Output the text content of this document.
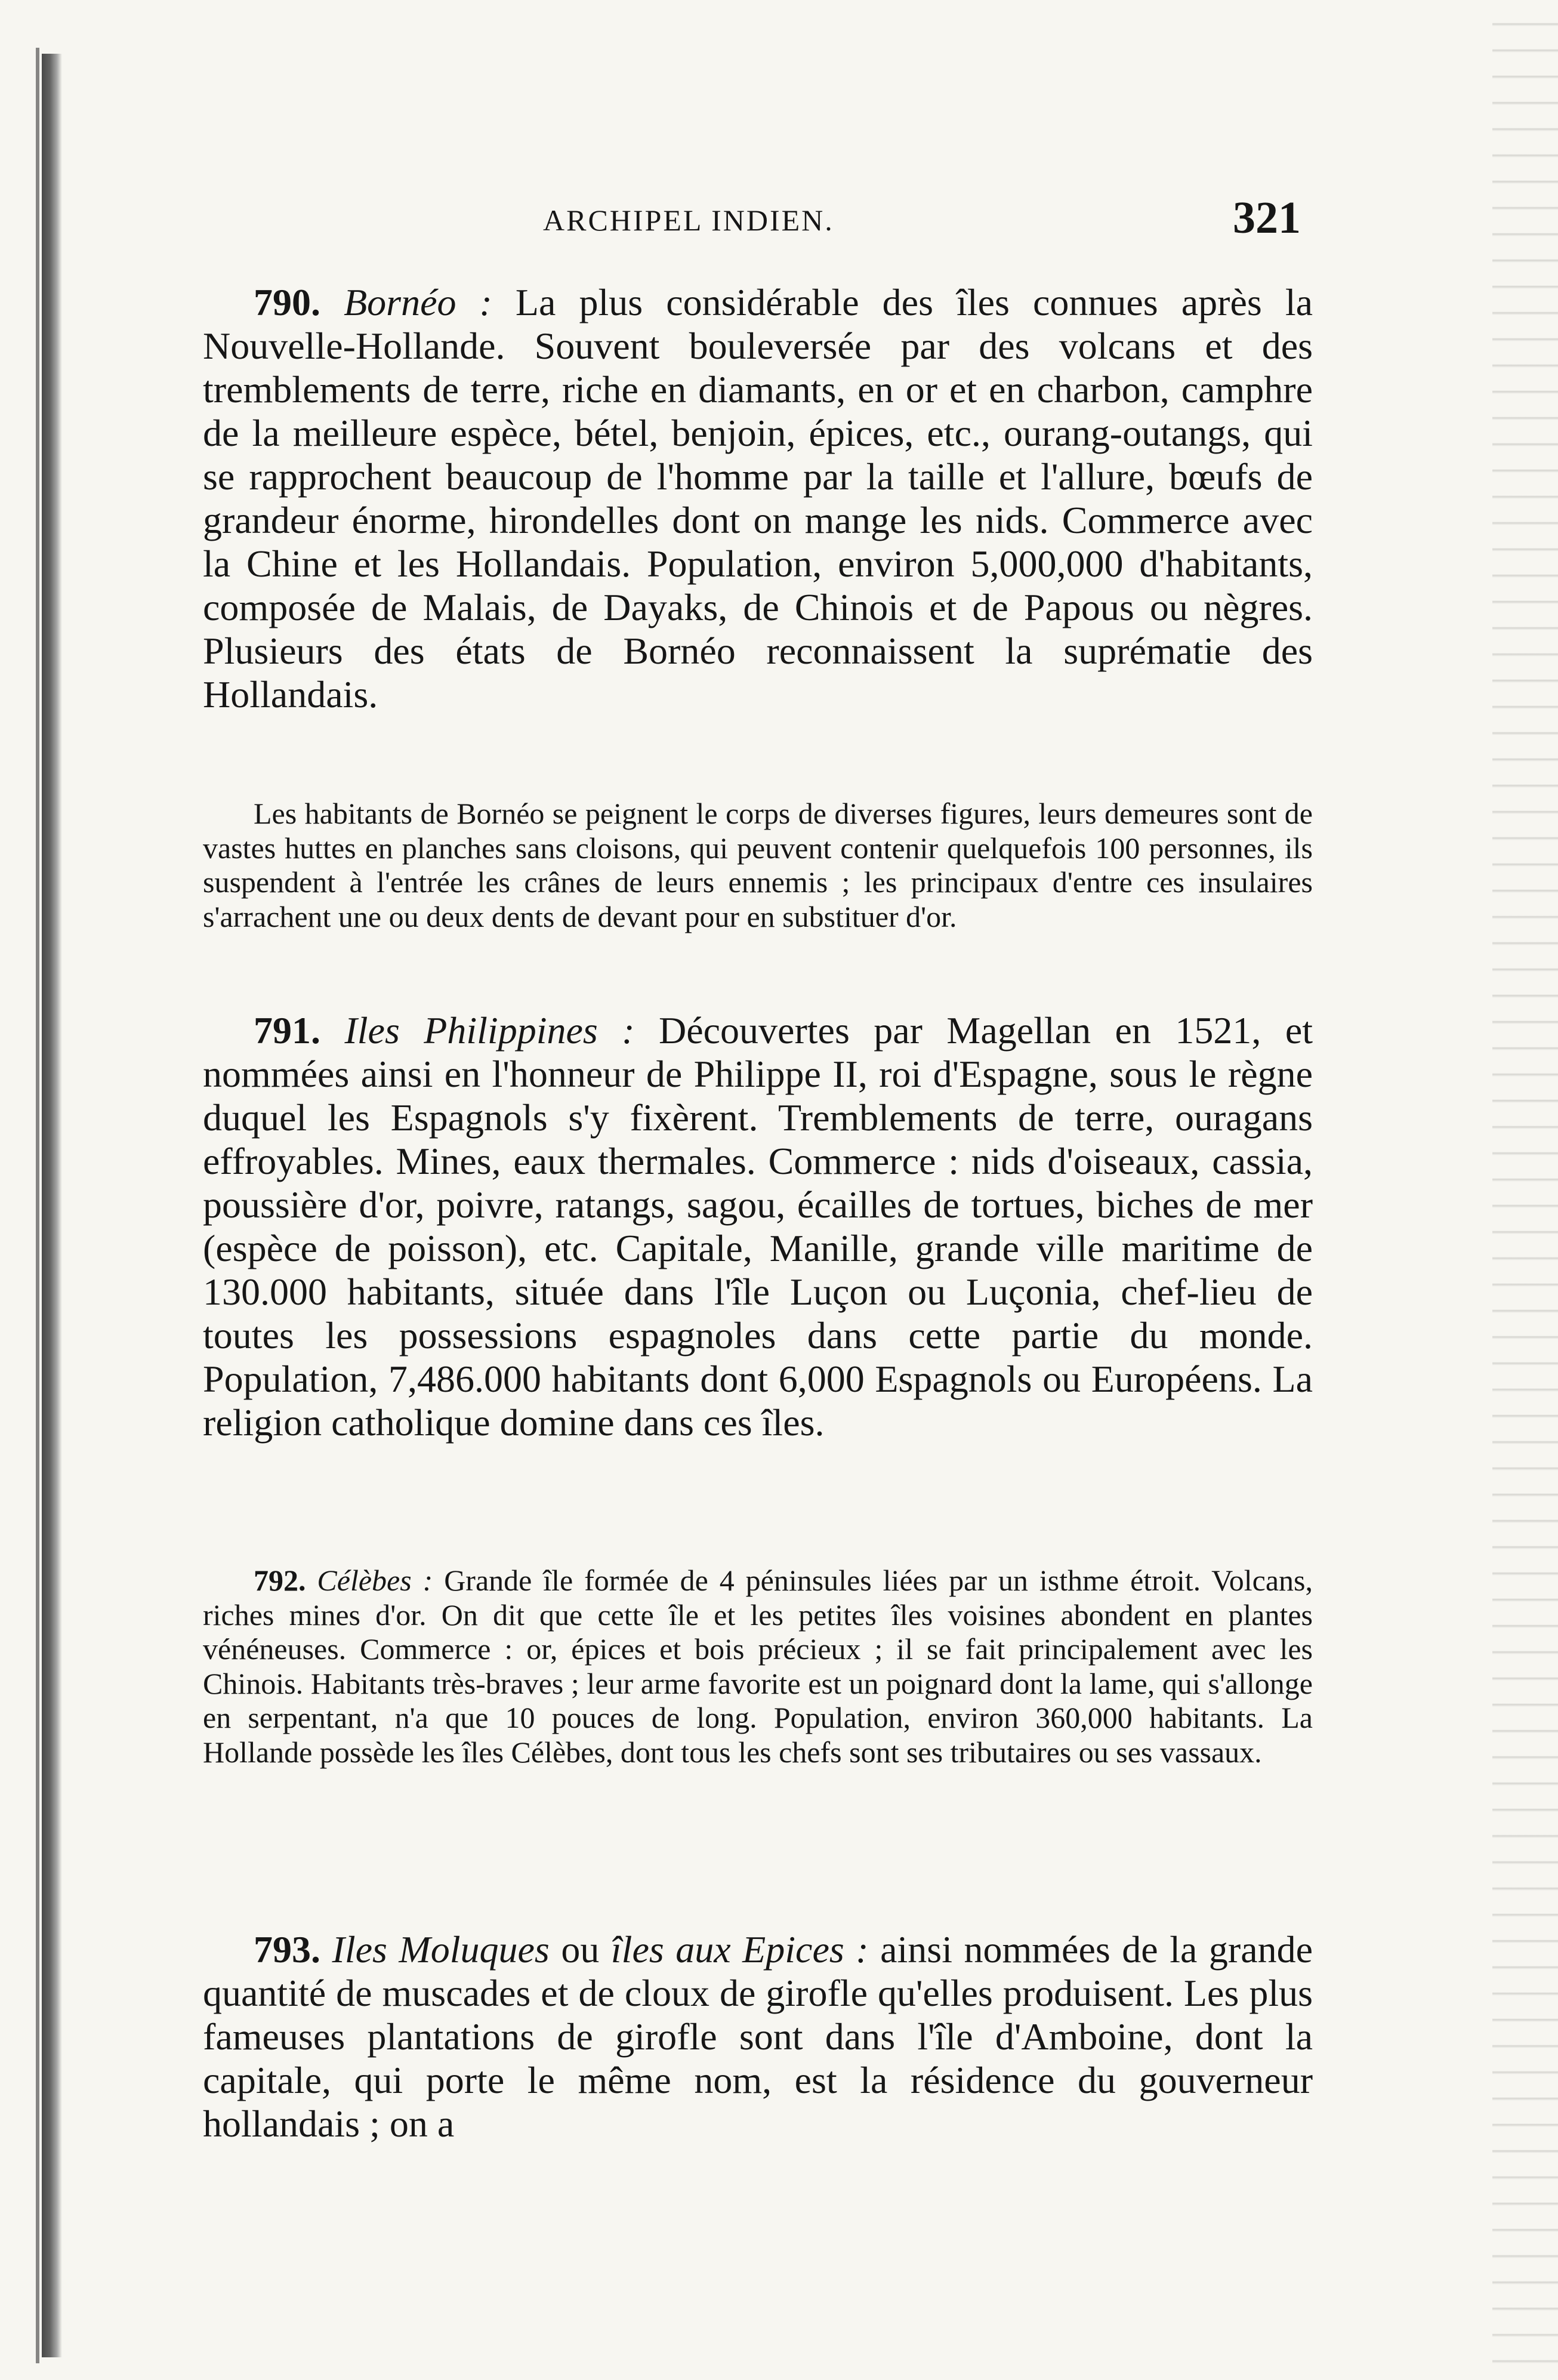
ARCHIPEL INDIEN.	321

790. Bornéo : La plus considérable des îles connues après la Nouvelle-Hollande. Souvent bouleversée par des volcans et des tremblements de terre, riche en diamants, en or et en charbon, camphre de la meilleure espèce, bétel, benjoin, épices, etc., ourang-outangs, qui se rapprochent beaucoup de l'homme par la taille et l'allure, bœufs de grandeur énorme, hirondelles dont on mange les nids. Commerce avec la Chine et les Hollandais. Population, environ 5,000,000 d'habitants, composée de Malais, de Dayaks, de Chinois et de Papous ou nègres. Plusieurs des états de Bornéo reconnaissent la suprématie des Hollandais.

Les habitants de Bornéo se peignent le corps de diverses figures, leurs demeures sont de vastes huttes en planches sans cloisons, qui peuvent contenir quelquefois 100 personnes, ils suspendent à l'entrée les crânes de leurs ennemis ; les principaux d'entre ces insulaires s'arrachent une ou deux dents de devant pour en substituer d'or.

791. Iles Philippines : Découvertes par Magellan en 1521, et nommées ainsi en l'honneur de Philippe II, roi d'Espagne, sous le règne duquel les Espagnols s'y fixèrent. Tremblements de terre, ouragans effroyables. Mines, eaux thermales. Commerce : nids d'oiseaux, cassia, poussière d'or, poivre, ratangs, sagou, écailles de tortues, biches de mer (espèce de poisson), etc. Capitale, Manille, grande ville maritime de 130.000 habitants, située dans l'île Luçon ou Luçonia, chef-lieu de toutes les possessions espagnoles dans cette partie du monde. Population, 7,486.000 habitants dont 6,000 Espagnols ou Européens. La religion catholique domine dans ces îles.

792. Célèbes : Grande île formée de 4 péninsules liées par un isthme étroit. Volcans, riches mines d'or. On dit que cette île et les petites îles voisines abondent en plantes vénéneuses. Commerce : or, épices et bois précieux ; il se fait principalement avec les Chinois. Habitants très-braves ; leur arme favorite est un poignard dont la lame, qui s'allonge en serpentant, n'a que 10 pouces de long. Population, environ 360,000 habitants. La Hollande possède les îles Célèbes, dont tous les chefs sont ses tributaires ou ses vassaux.

793. Iles Moluques ou îles aux Epices : ainsi nommées de la grande quantité de muscades et de cloux de girofle qu'elles produisent. Les plus fameuses plantations de girofle sont dans l'île d'Amboine, dont la capitale, qui porte le même nom, est la résidence du gouverneur hollandais ; on a
